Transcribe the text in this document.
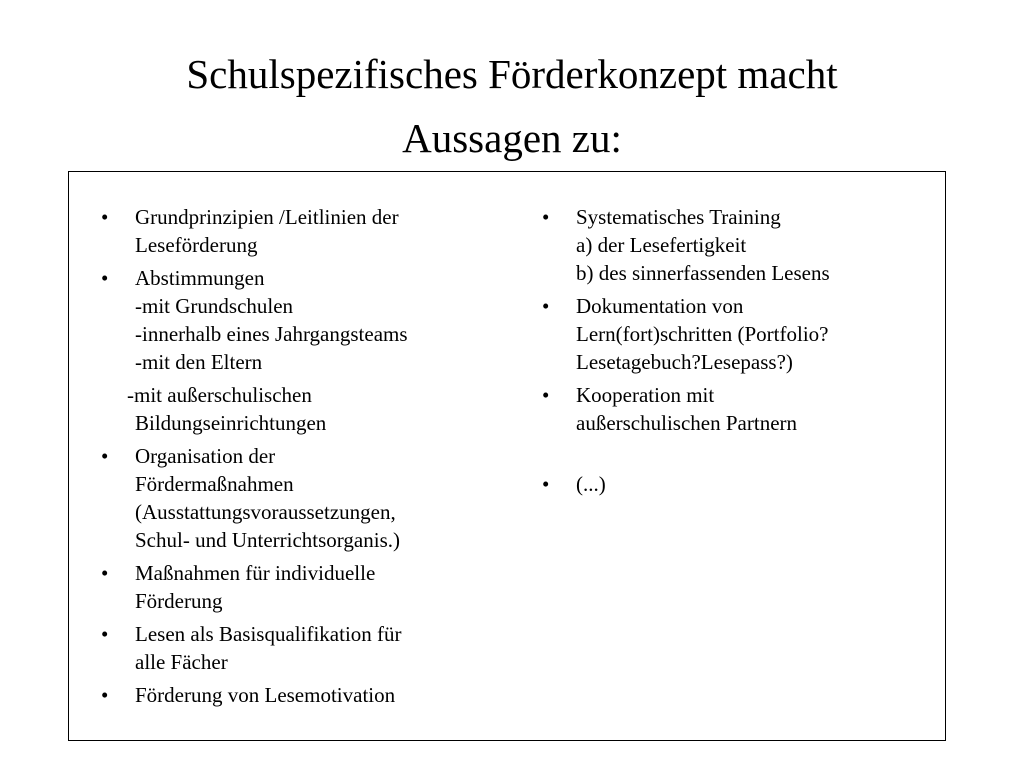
Schulspezifisches Förderkonzept macht
Aussagen zu:
• Grundprinzipien /Leitlinien der
Leseförderung
• Abstimmungen
-mit Grundschulen
-innerhalb eines Jahrgangsteams
-mit den Eltern
-mit außerschulischen
Bildungseinrichtungen
• Organisation der
Fördermaßnahmen
(Ausstattungsvoraussetzungen,
Schul- und Unterrichtsorganis.)
• Maßnahmen für individuelle
Förderung
• Lesen als Basisqualifikation für
alle Fächer
• Förderung von Lesemotivation
• Systematisches Training
a) der Lesefertigkeit
b) des sinnerfassenden Lesens
• Dokumentation von
Lern(fort)schritten (Portfolio?
Lesetagebuch?Lesepass?)
• Kooperation mit
außerschulischen Partnern
• (...)
